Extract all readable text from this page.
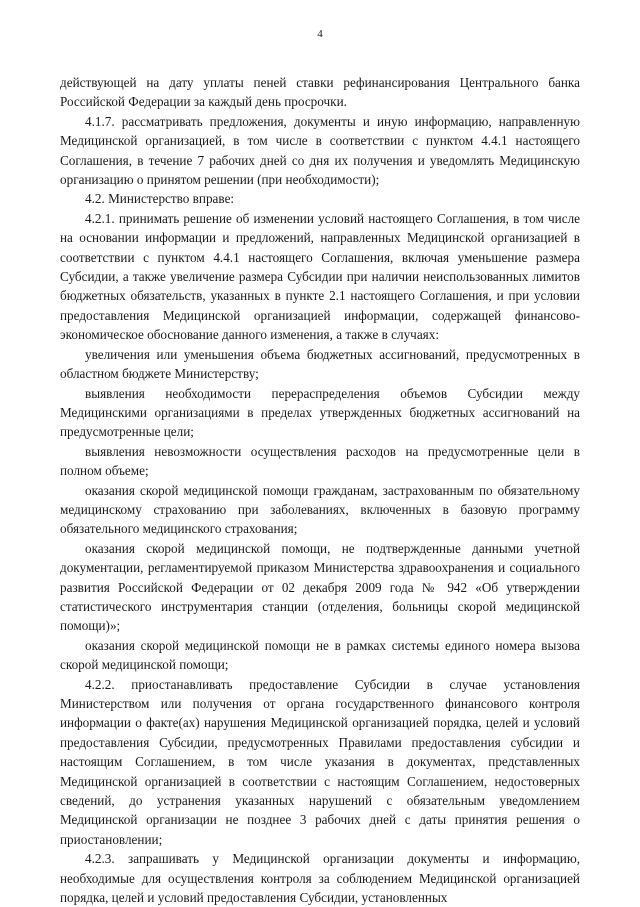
4

действующей на дату уплаты пеней ставки рефинансирования Центрального банка Российской Федерации за каждый день просрочки.

4.1.7. рассматривать предложения, документы и иную информацию, направленную Медицинской организацией, в том числе в соответствии с пунктом 4.4.1 настоящего Соглашения, в течение 7 рабочих дней со дня их получения и уведомлять Медицинскую организацию о принятом решении (при необходимости);

4.2. Министерство вправе:

4.2.1. принимать решение об изменении условий настоящего Соглашения, в том числе на основании информации и предложений, направленных Медицинской организацией в соответствии с пунктом 4.4.1 настоящего Соглашения, включая уменьшение размера Субсидии, а также увеличение размера Субсидии при наличии неиспользованных лимитов бюджетных обязательств, указанных в пункте 2.1 настоящего Соглашения, и при условии предоставления Медицинской организацией информации, содержащей финансово-экономическое обоснование данного изменения, а также в случаях:

увеличения или уменьшения объема бюджетных ассигнований, предусмотренных в областном бюджете Министерству;

выявления необходимости перераспределения объемов Субсидии между Медицинскими организациями в пределах утвержденных бюджетных ассигнований на предусмотренные цели;

выявления невозможности осуществления расходов на предусмотренные цели в полном объеме;

оказания скорой медицинской помощи гражданам, застрахованным по обязательному медицинскому страхованию при заболеваниях, включенных в базовую программу обязательного медицинского страхования;

оказания скорой медицинской помощи, не подтвержденные данными учетной документации, регламентируемой приказом Министерства здравоохранения и социального развития Российской Федерации от 02 декабря 2009 года № 942 «Об утверждении статистического инструментария станции (отделения, больницы скорой медицинской помощи)»;

оказания скорой медицинской помощи не в рамках системы единого номера вызова скорой медицинской помощи;

4.2.2. приостанавливать предоставление Субсидии в случае установления Министерством или получения от органа государственного финансового контроля информации о факте(ах) нарушения Медицинской организацией порядка, целей и условий предоставления Субсидии, предусмотренных Правилами предоставления субсидии и настоящим Соглашением, в том числе указания в документах, представленных Медицинской организацией в соответствии с настоящим Соглашением, недостоверных сведений, до устранения указанных нарушений с обязательным уведомлением Медицинской организации не позднее 3 рабочих дней с даты принятия решения о приостановлении;

4.2.3. запрашивать у Медицинской организации документы и информацию, необходимые для осуществления контроля за соблюдением Медицинской организацией порядка, целей и условий предоставления Субсидии, установленных
